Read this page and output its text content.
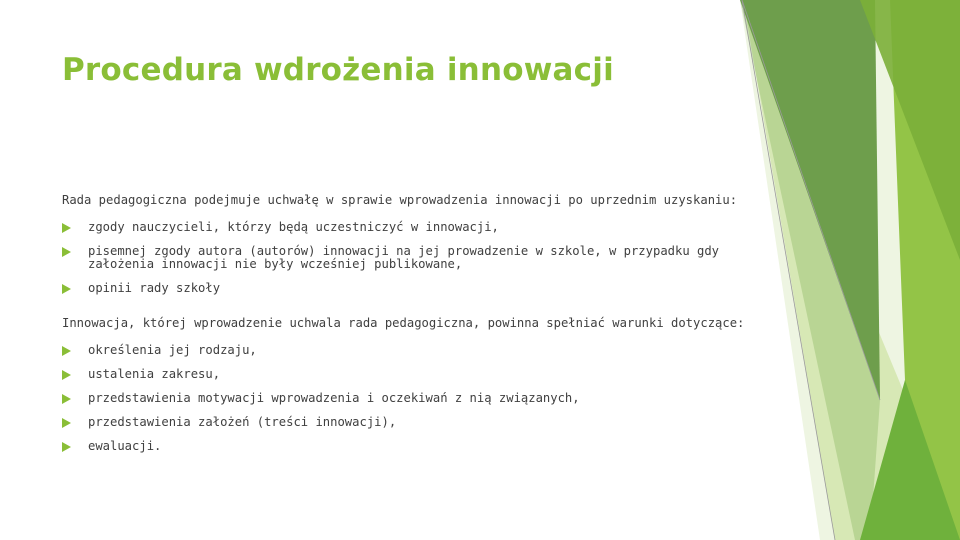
Procedura wdrożenia innowacji

Rada pedagogiczna podejmuje uchwałę w sprawie wprowadzenia innowacji po uprzednim uzyskaniu:

zgody nauczycieli, którzy będą uczestniczyć w innowacji,
pisemnej zgody autora (autorów) innowacji na jej prowadzenie w szkole, w przypadku gdy założenia innowacji nie były wcześniej publikowane,
opinii rady szkoły

Innowacja, której wprowadzenie uchwala rada pedagogiczna, powinna spełniać warunki dotyczące:

określenia jej rodzaju,
ustalenia zakresu,
przedstawienia motywacji wprowadzenia i oczekiwań z nią związanych,
przedstawienia założeń (treści innowacji),
ewaluacji.
